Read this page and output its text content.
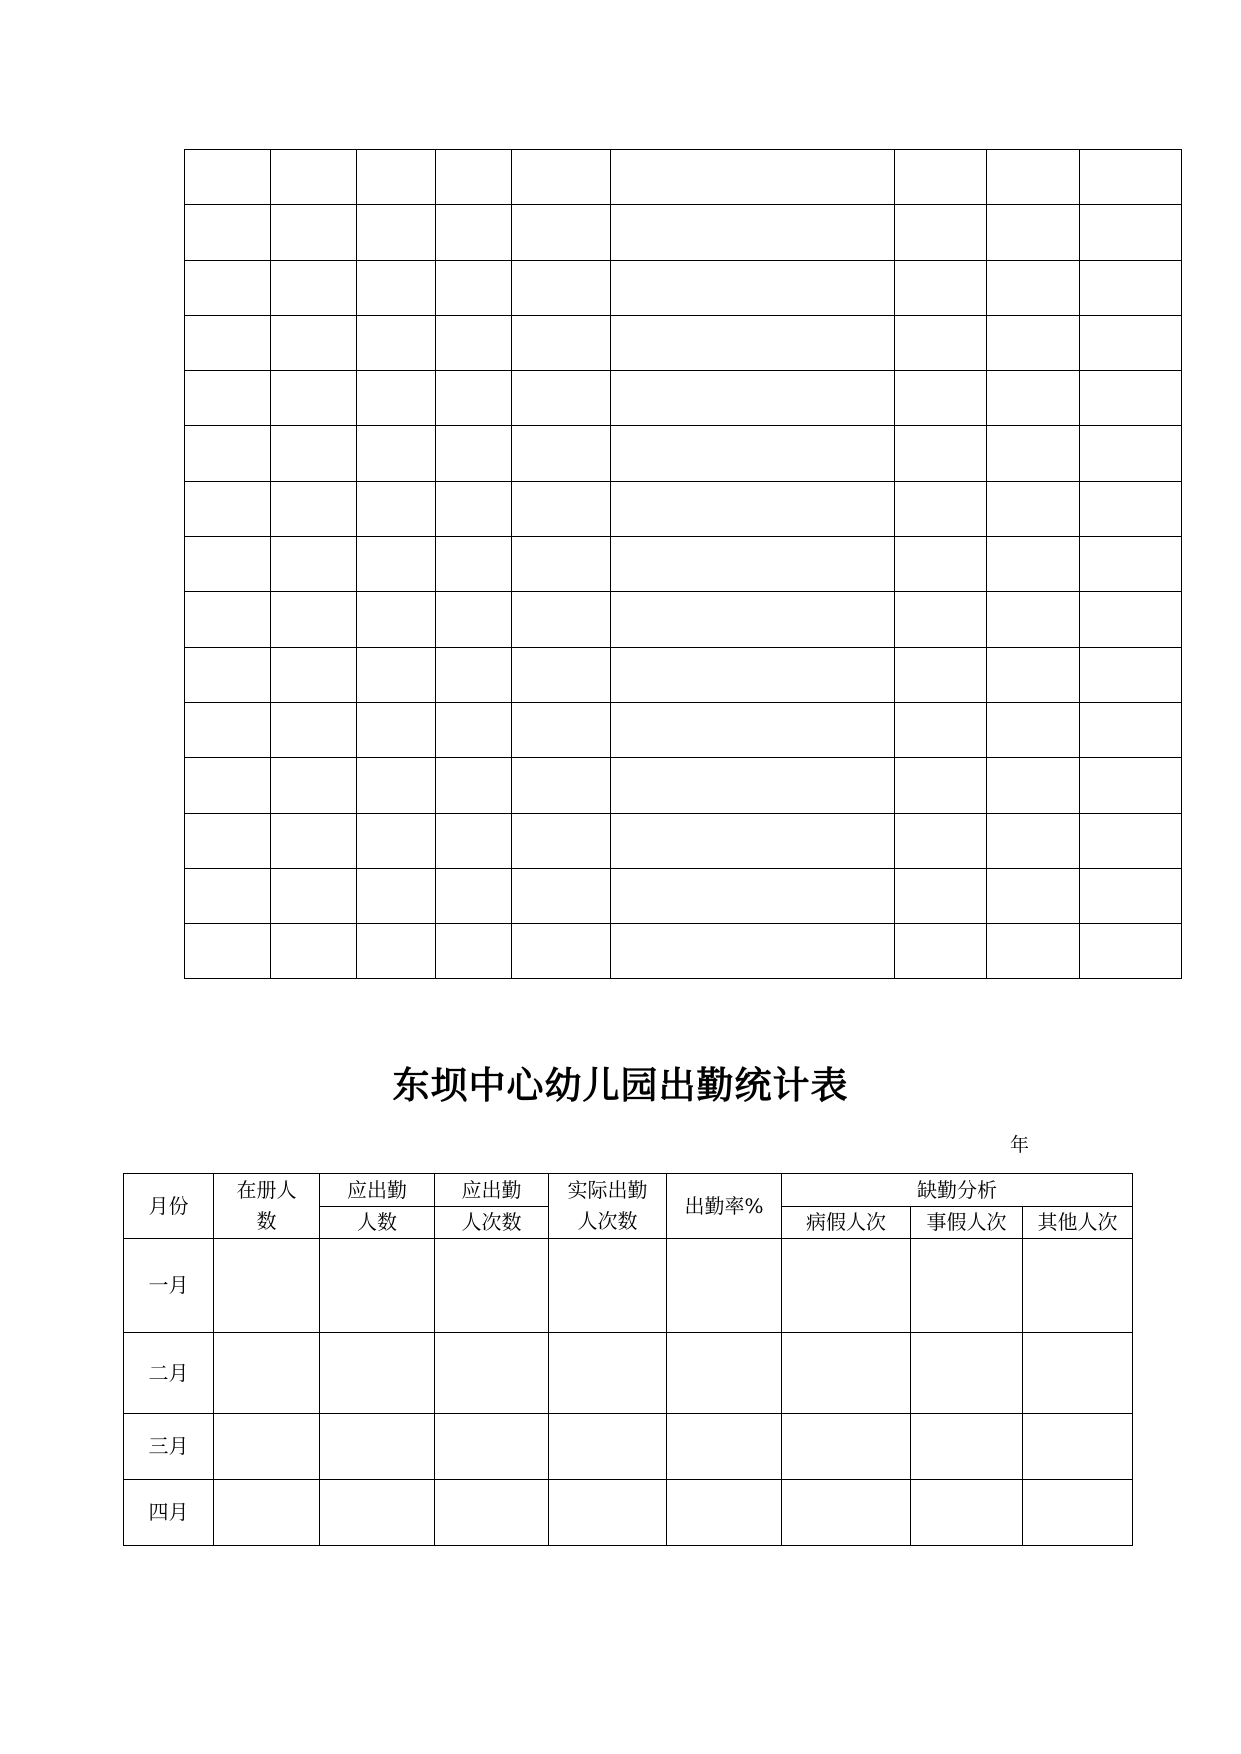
东坝中心幼儿园出勤统计表
年
月份	在册人数	应出勤	应出勤	实际出勤人次数	出勤率%	缺勤分析		
		人数	人次数			病假人次	事假人次	其他人次
一月								
二月								
三月								
四月								
